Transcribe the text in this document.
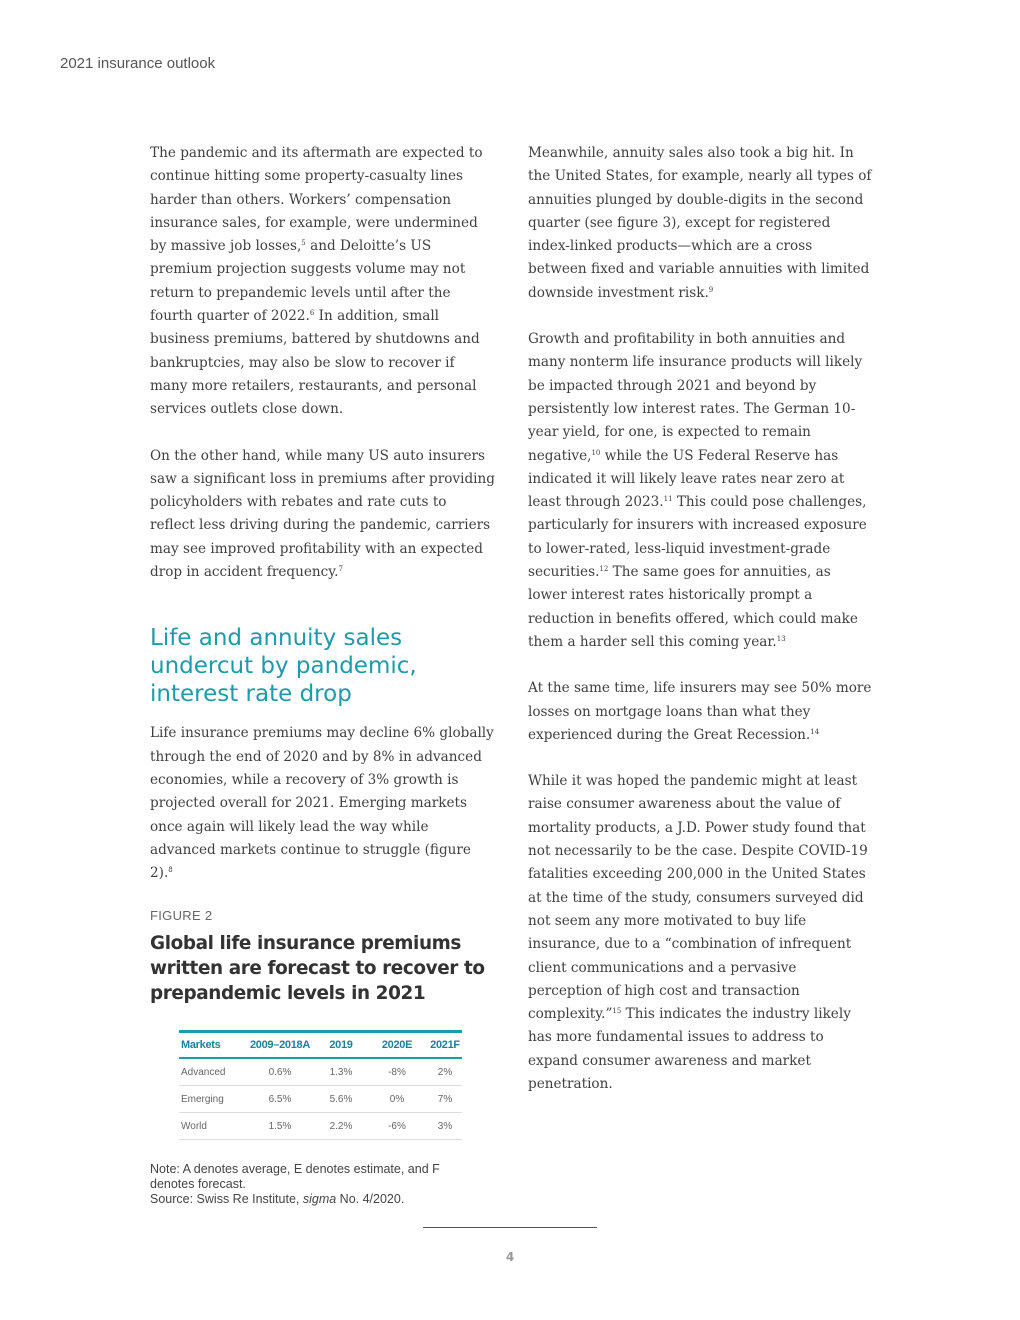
2021 insurance outlook

The pandemic and its aftermath are expected to continue hitting some property-casualty lines harder than others. Workers’ compensation insurance sales, for example, were undermined by massive job losses,$^5$ and Deloitte’s US premium projection suggests volume may not return to prepandemic levels until after the fourth quarter of 2022.$^6$ In addition, small business premiums, battered by shutdowns and bankruptcies, may also be slow to recover if many more retailers, restaurants, and personal services outlets close down.

On the other hand, while many US auto insurers saw a significant loss in premiums after providing policyholders with rebates and rate cuts to reflect less driving during the pandemic, carriers may see improved profitability with an expected drop in accident frequency.$^7$

Life and annuity sales undercut by pandemic, interest rate drop

Life insurance premiums may decline 6% globally through the end of 2020 and by 8% in advanced economies, while a recovery of 3% growth is projected overall for 2021. Emerging markets once again will likely lead the way while advanced markets continue to struggle (figure 2).$^8$

FIGURE 2
Global life insurance premiums written are forecast to recover to prepandemic levels in 2021
Markets	2009–2018A	2019	2020E	2021F
Advanced	0.6%	1.3%	-8%	2%
Emerging	6.5%	5.6%	0%	7%
World	1.5%	2.2%	-6%	3%
Note: A denotes average, E denotes estimate, and F denotes forecast.
Source: Swiss Re Institute, sigma No. 4/2020.

Meanwhile, annuity sales also took a big hit. In the United States, for example, nearly all types of annuities plunged by double-digits in the second quarter (see figure 3), except for registered index-linked products—which are a cross between fixed and variable annuities with limited downside investment risk.$^9$

Growth and profitability in both annuities and many nonterm life insurance products will likely be impacted through 2021 and beyond by persistently low interest rates. The German 10-year yield, for one, is expected to remain negative,$^{10}$ while the US Federal Reserve has indicated it will likely leave rates near zero at least through 2023.11 This could pose challenges, particularly for insurers with increased exposure to lower-rated, less-liquid investment-grade securities.$^{12}$ The same goes for annuities, as lower interest rates historically prompt a reduction in benefits offered, which could make them a harder sell this coming year.$^{13}$

At the same time, life insurers may see 50% more losses on mortgage loans than what they experienced during the Great Recession.$^{14}$

While it was hoped the pandemic might at least raise consumer awareness about the value of mortality products, a J.D. Power study found that not necessarily to be the case. Despite COVID-19 fatalities exceeding 200,000 in the United States at the time of the study, consumers surveyed did not seem any more motivated to buy life insurance, due to a “combination of infrequent client communications and a pervasive perception of high cost and transaction complexity.”$^{15}$ This indicates the industry likely has more fundamental issues to address to expand consumer awareness and market penetration.

4
